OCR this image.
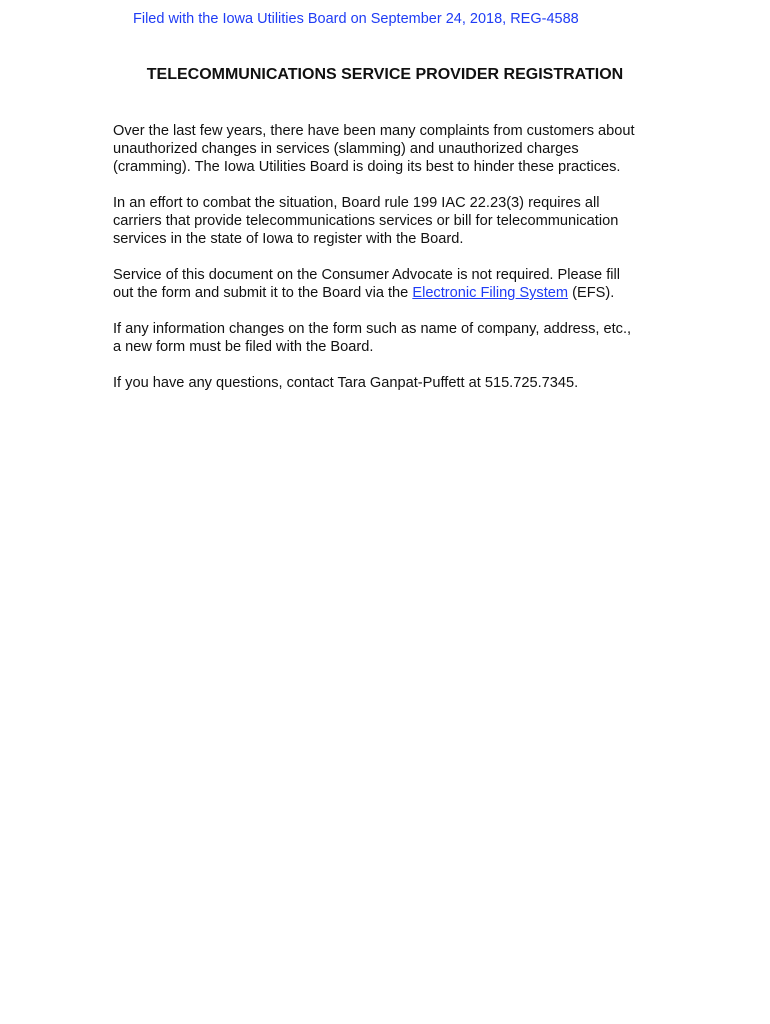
Filed with the Iowa Utilities Board on September 24, 2018, REG-4588
TELECOMMUNICATIONS SERVICE PROVIDER REGISTRATION

Over the last few years, there have been many complaints from customers about
unauthorized changes in services (slamming) and unauthorized charges
(cramming). The Iowa Utilities Board is doing its best to hinder these practices.

In an effort to combat the situation, Board rule 199 IAC 22.23(3) requires all
carriers that provide telecommunications services or bill for telecommunication
services in the state of Iowa to register with the Board.

Service of this document on the Consumer Advocate is not required. Please fill
out the form and submit it to the Board via the Electronic Filing System (EFS).

If any information changes on the form such as name of company, address, etc.,
a new form must be filed with the Board.

If you have any questions, contact Tara Ganpat-Puffett at 515.725.7345.
